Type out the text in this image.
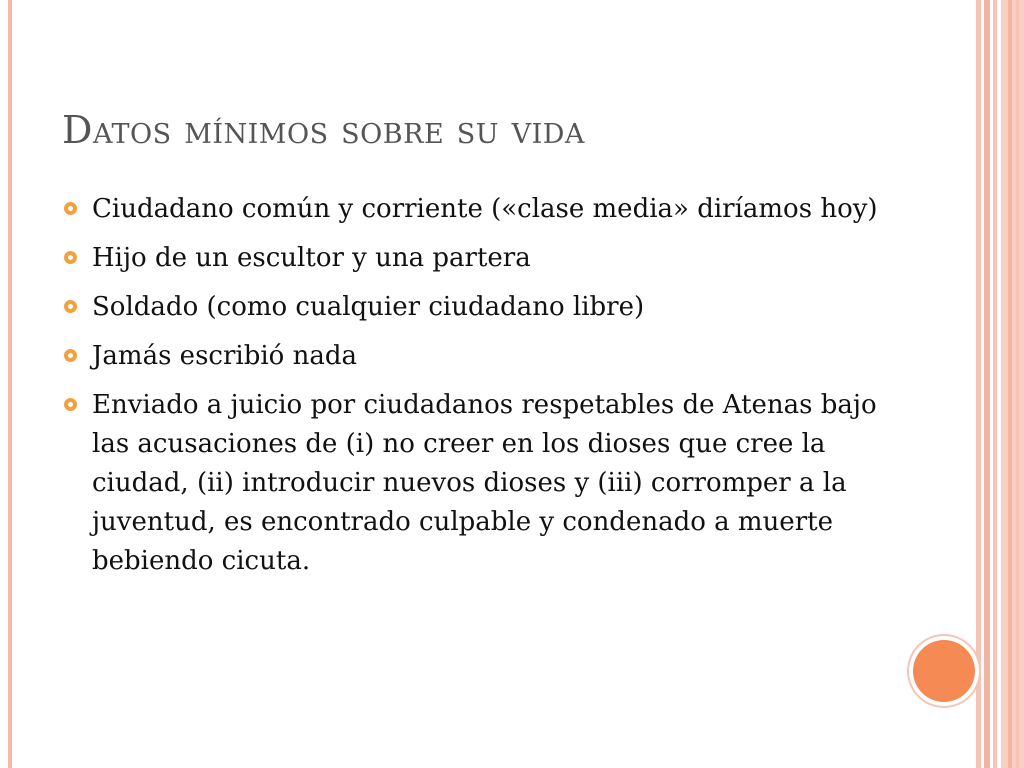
Datos mínimos sobre su vida
Ciudadano común y corriente («clase media» diríamos hoy)
Hijo de un escultor y una partera
Soldado (como cualquier ciudadano libre)
Jamás escribió nada
Enviado a juicio por ciudadanos respetables de Atenas bajo las acusaciones de (i) no creer en los dioses que cree la ciudad, (ii) introducir nuevos dioses y (iii) corromper a la juventud, es encontrado culpable y condenado a muerte bebiendo cicuta.
